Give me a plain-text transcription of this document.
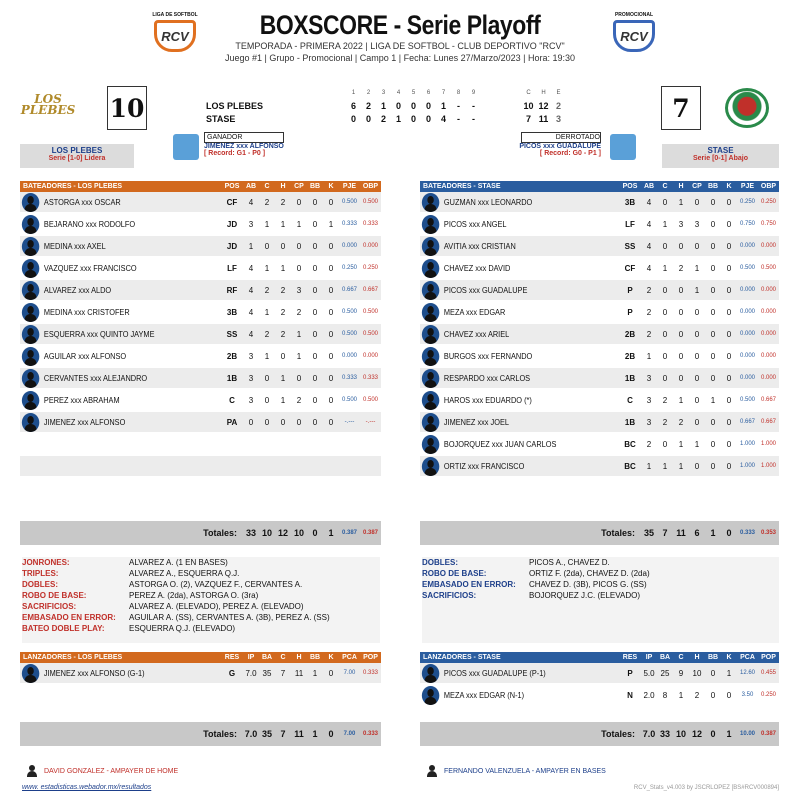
LIGA DE SOFTBOL
RCV
PROMOCIONAL
RCV
BOXSCORE - Serie Playoff
TEMPORADA - PRIMERA 2022 | LIGA DE SOFTBOL - CLUB DEPORTIVO "RCV"
Juego #1 | Grupo - Promocional | Campo 1 | Fecha: Lunes 27/Marzo/2023 | Hora: 19:30
LOS PLEBES 10	7
1	2	3	4	5	6	7	8	9	C	H	E
LOS PLEBES	6	2	1	0	0	0	1	-	-	10 12 2
STASE	0	0	2	1	0	0	4	-	-	7 11 3
LOS PLEBES
Serie [1-0] Lidera
STASE
Serie [0-1] Abajo
GANADOR
JIMENEZ xxx ALFONSO
[ Record: G1 - P0 ]
DERROTADO
PICOS xxx GUADALUPE
[ Record: G0 - P1 ]
BATEADORES - LOS PLEBES	POS AB	C	H	CP BB	K	PJE OBP
ASTORGA xxx OSCAR	CF	4	2	2	0	0	0	0.500 0.500
BEJARANO xxx RODOLFO	JD	3	1	1	1	0	1	0.333 0.333
MEDINA xxx AXEL	JD	1	0	0	0	0	0	0.000 0.000
VAZQUEZ xxx FRANCISCO	LF	4	1	1	0	0	0	0.250 0.250
ALVAREZ xxx ALDO	RF	4	2	2	3	0	0	0.667 0.667
MEDINA xxx CRISTOFER	3B	4	1	2	2	0	0	0.500 0.500
ESQUERRA xxx QUINTO JAYME	SS	4	2	2	1	0	0	0.500 0.500
AGUILAR xxx ALFONSO	2B	3	1	0	1	0	0	0.000 0.000
CERVANTES xxx ALEJANDRO	1B	3	0	1	0	0	0	0.333 0.333
PEREZ xxx ABRAHAM	C	3	0	1	2	0	0	0.500 0.500
JIMENEZ xxx ALFONSO	PA	0	0	0	0	0	0	-.---	-.---
Totales: 33 10 12 10 0	1	0.387 0.387
BATEADORES - STASE	POS AB	C	H	CP BB	K	PJE OBP
GUZMAN xxx LEONARDO	3B	4	0	1	0	0	0	0.250 0.250
PICOS xxx ANGEL	LF	4	1	3	3	0	0	0.750 0.750
AVITIA xxx CRISTIAN	SS	4	0	0	0	0	0	0.000 0.000
CHAVEZ xxx DAVID	CF	4	1	2	1	0	0	0.500 0.500
PICOS xxx GUADALUPE	P	2	0	0	1	0	0	0.000 0.000
MEZA xxx EDGAR	P	2	0	0	0	0	0	0.000 0.000
CHAVEZ xxx ARIEL	2B	2	0	0	0	0	0	0.000 0.000
BURGOS xxx FERNANDO	2B	1	0	0	0	0	0	0.000 0.000
RESPARDO xxx CARLOS	1B	3	0	0	0	0	0	0.000 0.000
HAROS xxx EDUARDO (*)	C	3	2	1	0	1	0	0.500 0.667
JIMENEZ xxx JOEL	1B	3	2	2	0	0	0	0.667 0.667
BOJORQUEZ xxx JUAN CARLOS	BC	2	0	1	1	0	0	1.000 1.000
ORTIZ xxx FRANCISCO	BC	1	1	1	0	0	0	1.000 1.000
Totales: 35 7 11 6	1	0	0.333 0.353
JONRONES:	ALVAREZ A. (1 EN BASES)
TRIPLES:	ALVAREZ A., ESQUERRA Q.J.
DOBLES:	ASTORGA O. (2), VAZQUEZ F., CERVANTES A.
ROBO DE BASE:	PEREZ A. (2da), ASTORGA O. (3ra)
SACRIFICIOS:	ALVAREZ A. (ELEVADO), PEREZ A. (ELEVADO)
EMBASADO EN ERROR:	AGUILAR A. (SS), CERVANTES A. (3B), PEREZ A. (SS)
BATEO DOBLE PLAY:	ESQUERRA Q.J. (ELEVADO)
DOBLES:	PICOS A., CHAVEZ D.
ROBO DE BASE:	ORTIZ F. (2da), CHAVEZ D. (2da)
EMBASADO EN ERROR:	CHAVEZ D. (3B), PICOS G. (SS)
SACRIFICIOS:	BOJORQUEZ J.C. (ELEVADO)
LANZADORES - LOS PLEBES	RES	IP	BA	C	H	BB	K	PCA POP
JIMENEZ xxx ALFONSO (G-1)	G	7.0 35	7	11	1	0	7.00	0.333
Totales: 7.0 35 7 11 1	0	7.00	0.333
LANZADORES - STASE	RES	IP	BA	C	H	BB	K	PCA POP
PICOS xxx GUADALUPE (P-1)	P	5.0 25	9	10	0	1	12.60 0.455
MEZA xxx EDGAR (N-1)	N	2.0	8	1	2	0	0	3.50	0.250
Totales: 7.0 33 10 12 0	1	10.00 0.387
DAVID GONZALEZ - AMPAYER DE HOME	FERNANDO VALENZUELA - AMPAYER EN BASES
www. estadisticas.webador.mx/resultados	RCV_Stats_v4.003 by JSCRLOPEZ [BS#RCV000894]
